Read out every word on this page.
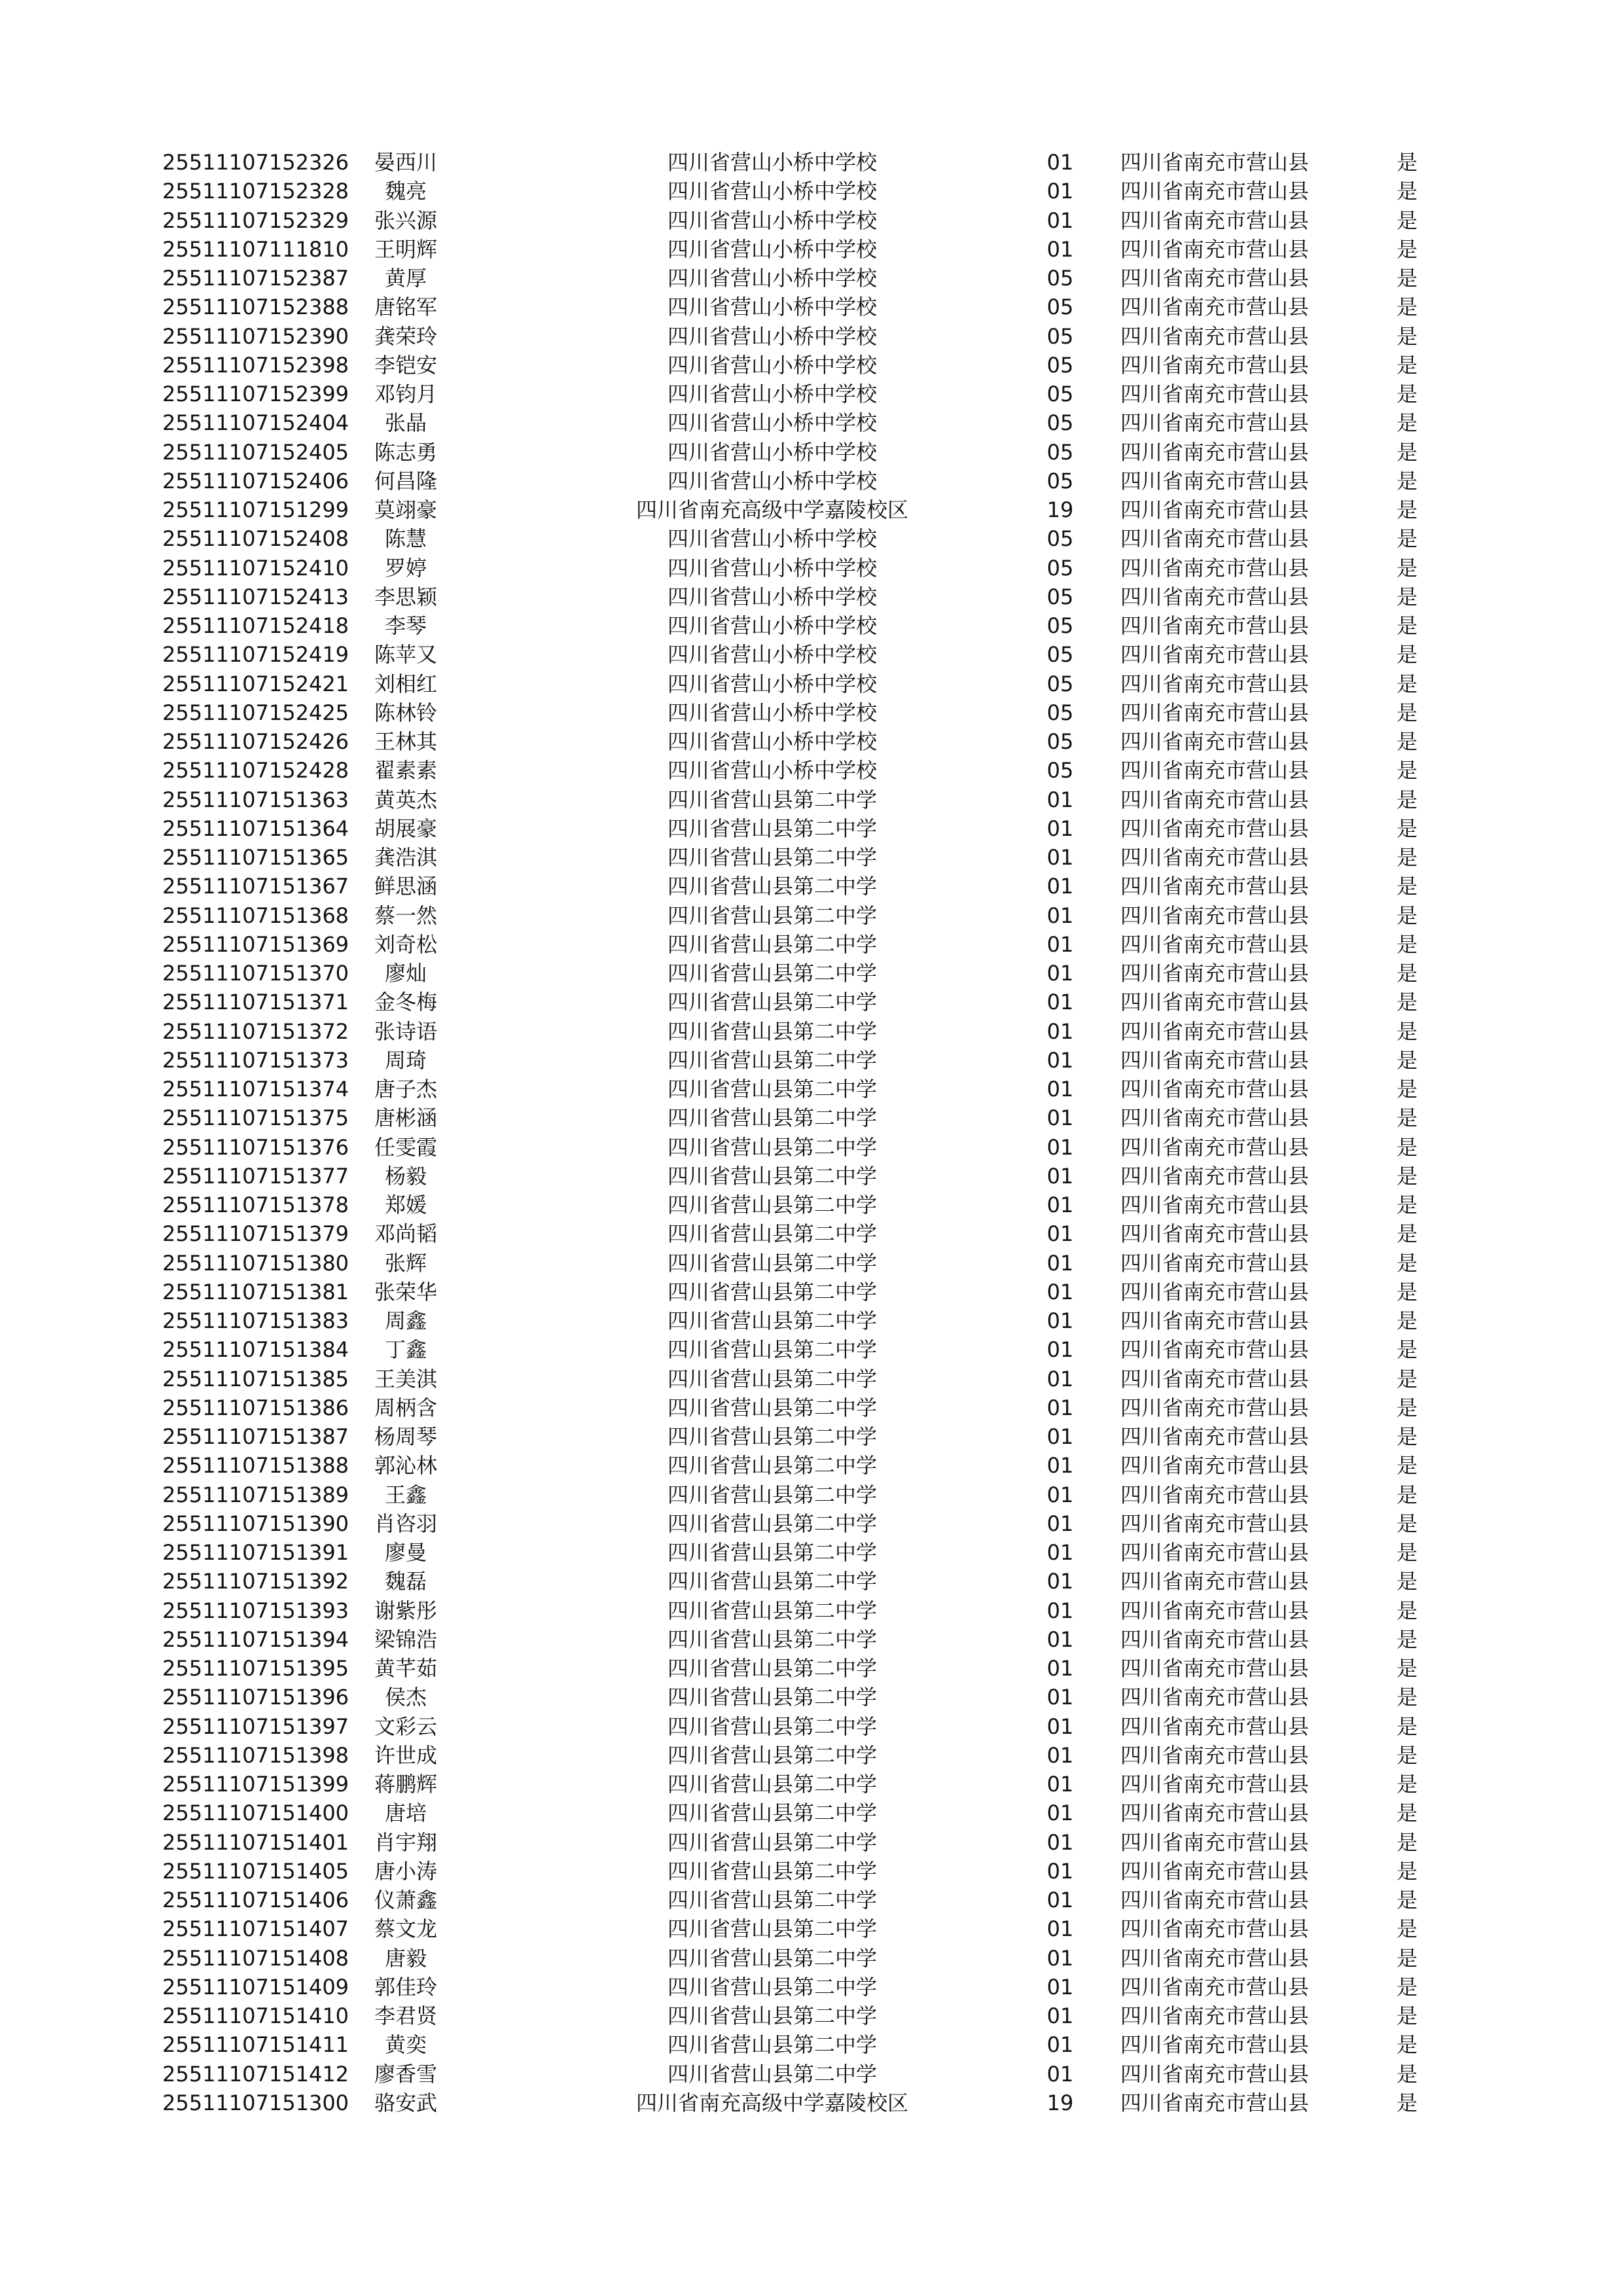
25511107152326	晏西川	四川省营山小桥中学校	01	四川省南充市营山县	是
25511107152328	魏亮	四川省营山小桥中学校	01	四川省南充市营山县	是
25511107152329	张兴源	四川省营山小桥中学校	01	四川省南充市营山县	是
25511107111810	王明辉	四川省营山小桥中学校	01	四川省南充市营山县	是
25511107152387	黄厚	四川省营山小桥中学校	05	四川省南充市营山县	是
25511107152388	唐铭军	四川省营山小桥中学校	05	四川省南充市营山县	是
25511107152390	龚荣玲	四川省营山小桥中学校	05	四川省南充市营山县	是
25511107152398	李铠安	四川省营山小桥中学校	05	四川省南充市营山县	是
25511107152399	邓钧月	四川省营山小桥中学校	05	四川省南充市营山县	是
25511107152404	张晶	四川省营山小桥中学校	05	四川省南充市营山县	是
25511107152405	陈志勇	四川省营山小桥中学校	05	四川省南充市营山县	是
25511107152406	何昌隆	四川省营山小桥中学校	05	四川省南充市营山县	是
25511107151299	莫翊豪	四川省南充高级中学嘉陵校区	19	四川省南充市营山县	是
25511107152408	陈慧	四川省营山小桥中学校	05	四川省南充市营山县	是
25511107152410	罗婷	四川省营山小桥中学校	05	四川省南充市营山县	是
25511107152413	李思颖	四川省营山小桥中学校	05	四川省南充市营山县	是
25511107152418	李琴	四川省营山小桥中学校	05	四川省南充市营山县	是
25511107152419	陈苹又	四川省营山小桥中学校	05	四川省南充市营山县	是
25511107152421	刘相红	四川省营山小桥中学校	05	四川省南充市营山县	是
25511107152425	陈林铃	四川省营山小桥中学校	05	四川省南充市营山县	是
25511107152426	王林其	四川省营山小桥中学校	05	四川省南充市营山县	是
25511107152428	翟素素	四川省营山小桥中学校	05	四川省南充市营山县	是
25511107151363	黄英杰	四川省营山县第二中学	01	四川省南充市营山县	是
25511107151364	胡展豪	四川省营山县第二中学	01	四川省南充市营山县	是
25511107151365	龚浩淇	四川省营山县第二中学	01	四川省南充市营山县	是
25511107151367	鲜思涵	四川省营山县第二中学	01	四川省南充市营山县	是
25511107151368	蔡一然	四川省营山县第二中学	01	四川省南充市营山县	是
25511107151369	刘奇松	四川省营山县第二中学	01	四川省南充市营山县	是
25511107151370	廖灿	四川省营山县第二中学	01	四川省南充市营山县	是
25511107151371	金冬梅	四川省营山县第二中学	01	四川省南充市营山县	是
25511107151372	张诗语	四川省营山县第二中学	01	四川省南充市营山县	是
25511107151373	周琦	四川省营山县第二中学	01	四川省南充市营山县	是
25511107151374	唐子杰	四川省营山县第二中学	01	四川省南充市营山县	是
25511107151375	唐彬涵	四川省营山县第二中学	01	四川省南充市营山县	是
25511107151376	任雯霞	四川省营山县第二中学	01	四川省南充市营山县	是
25511107151377	杨毅	四川省营山县第二中学	01	四川省南充市营山县	是
25511107151378	郑媛	四川省营山县第二中学	01	四川省南充市营山县	是
25511107151379	邓尚韬	四川省营山县第二中学	01	四川省南充市营山县	是
25511107151380	张辉	四川省营山县第二中学	01	四川省南充市营山县	是
25511107151381	张荣华	四川省营山县第二中学	01	四川省南充市营山县	是
25511107151383	周鑫	四川省营山县第二中学	01	四川省南充市营山县	是
25511107151384	丁鑫	四川省营山县第二中学	01	四川省南充市营山县	是
25511107151385	王美淇	四川省营山县第二中学	01	四川省南充市营山县	是
25511107151386	周柄含	四川省营山县第二中学	01	四川省南充市营山县	是
25511107151387	杨周琴	四川省营山县第二中学	01	四川省南充市营山县	是
25511107151388	郭沁林	四川省营山县第二中学	01	四川省南充市营山县	是
25511107151389	王鑫	四川省营山县第二中学	01	四川省南充市营山县	是
25511107151390	肖咨羽	四川省营山县第二中学	01	四川省南充市营山县	是
25511107151391	廖曼	四川省营山县第二中学	01	四川省南充市营山县	是
25511107151392	魏磊	四川省营山县第二中学	01	四川省南充市营山县	是
25511107151393	谢紫彤	四川省营山县第二中学	01	四川省南充市营山县	是
25511107151394	梁锦浩	四川省营山县第二中学	01	四川省南充市营山县	是
25511107151395	黄芊茹	四川省营山县第二中学	01	四川省南充市营山县	是
25511107151396	侯杰	四川省营山县第二中学	01	四川省南充市营山县	是
25511107151397	文彩云	四川省营山县第二中学	01	四川省南充市营山县	是
25511107151398	许世成	四川省营山县第二中学	01	四川省南充市营山县	是
25511107151399	蒋鹏辉	四川省营山县第二中学	01	四川省南充市营山县	是
25511107151400	唐培	四川省营山县第二中学	01	四川省南充市营山县	是
25511107151401	肖宇翔	四川省营山县第二中学	01	四川省南充市营山县	是
25511107151405	唐小涛	四川省营山县第二中学	01	四川省南充市营山县	是
25511107151406	仪萧鑫	四川省营山县第二中学	01	四川省南充市营山县	是
25511107151407	蔡文龙	四川省营山县第二中学	01	四川省南充市营山县	是
25511107151408	唐毅	四川省营山县第二中学	01	四川省南充市营山县	是
25511107151409	郭佳玲	四川省营山县第二中学	01	四川省南充市营山县	是
25511107151410	李君贤	四川省营山县第二中学	01	四川省南充市营山县	是
25511107151411	黄奕	四川省营山县第二中学	01	四川省南充市营山县	是
25511107151412	廖香雪	四川省营山县第二中学	01	四川省南充市营山县	是
25511107151300	骆安武	四川省南充高级中学嘉陵校区	19	四川省南充市营山县	是
